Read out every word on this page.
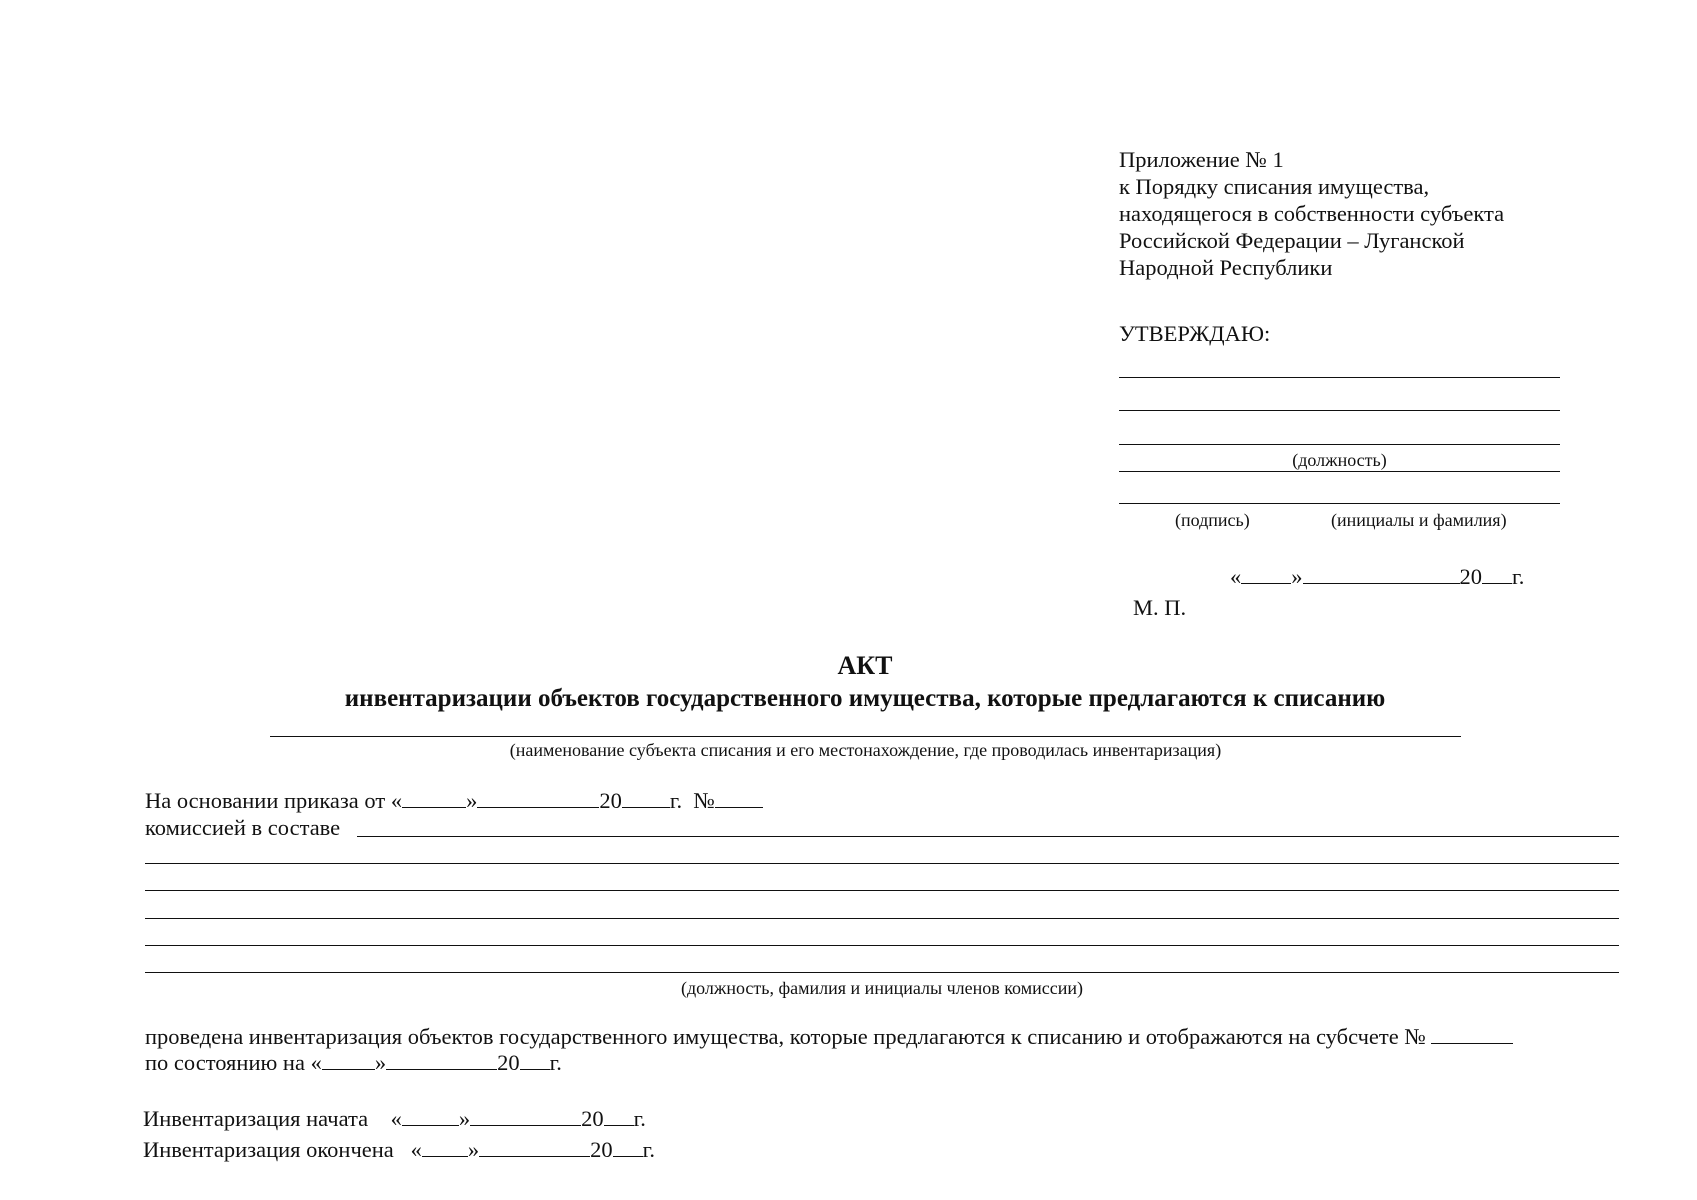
Приложение № 1
к Порядку списания имущества,
находящегося в собственности субъекта
Российской Федерации – Луганской
Народной Республики
УТВЕРЖДАЮ:
(должность)
(подпись)	(инициалы и фамилия)
« »	20 г.
М. П.
АКТ
инвентаризации объектов государственного имущества, которые предлагаются к списанию
(наименование субъекта списания и его местонахождение, где проводилась инвентаризация)
На основании приказа от «	»	20 г. №
комиссией в составе
(должность, фамилия и инициалы членов комиссии)
проведена инвентаризация объектов государственного имущества, которые предлагаются к списанию и отображаются на субсчете №
по состоянию на « »	20 г.
Инвентаризация начата «	»	20 г.
Инвентаризация окончена « »	20 г.
